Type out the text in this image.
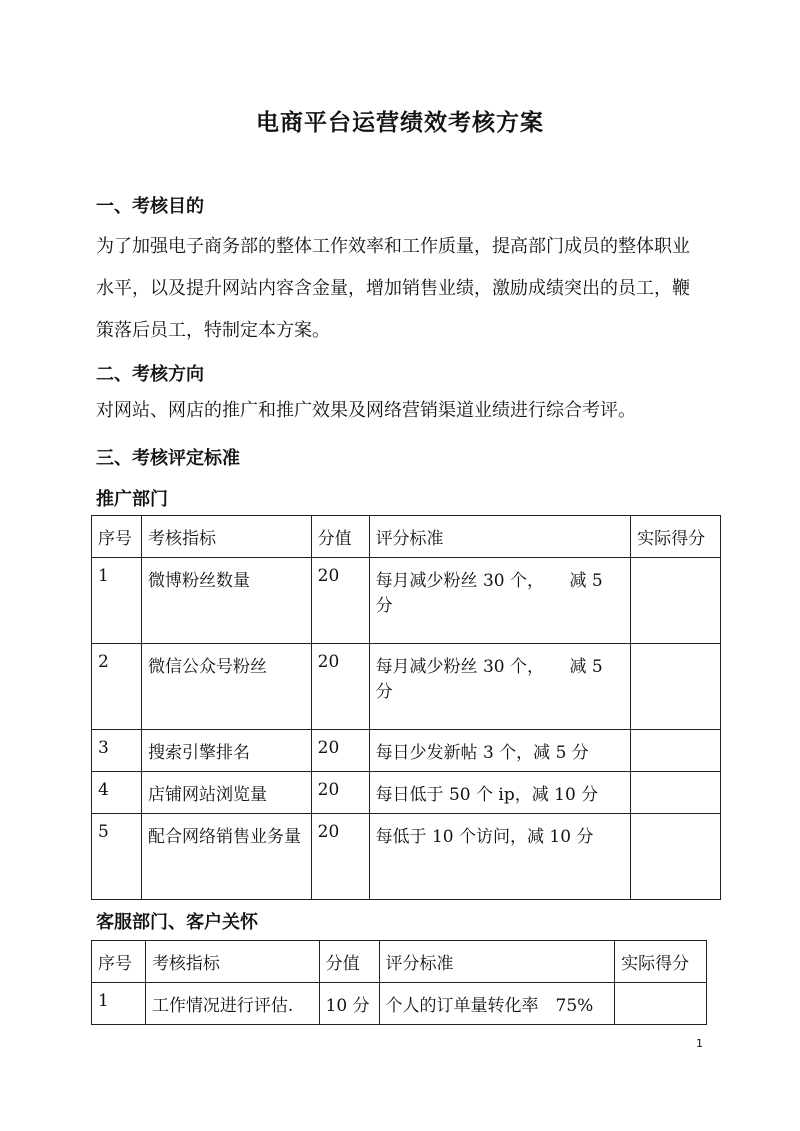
电商平台运营绩效考核方案
一、考核目的
为了加强电子商务部的整体工作效率和工作质量，提高部门成员的整体职业水平，以及提升网站内容含金量，增加销售业绩，激励成绩突出的员工，鞭策落后员工，特制定本方案。
二、考核方向
对网站、网店的推广和推广效果及网络营销渠道业绩进行综合考评。
三、考核评定标准
推广部门
序号	考核指标	分值	评分标准	实际得分
1	微博粉丝数量	20	每月减少粉丝 30 个，　　减 5 分	
2	微信公众号粉丝	20	每月减少粉丝 30 个，　　减 5 分	
3	搜索引擎排名	20	每日少发新帖 3 个，减 5 分	
4	店铺网站浏览量	20	每日低于 50 个 ip，减 10 分	
5	配合网络销售业务量	20	每低于 10 个访问，减 10 分	
客服部门、客户关怀
序号	考核指标	分值	评分标准	实际得分
1	工作情况进行评估.	10 分	个人的订单量转化率　75%	
1
